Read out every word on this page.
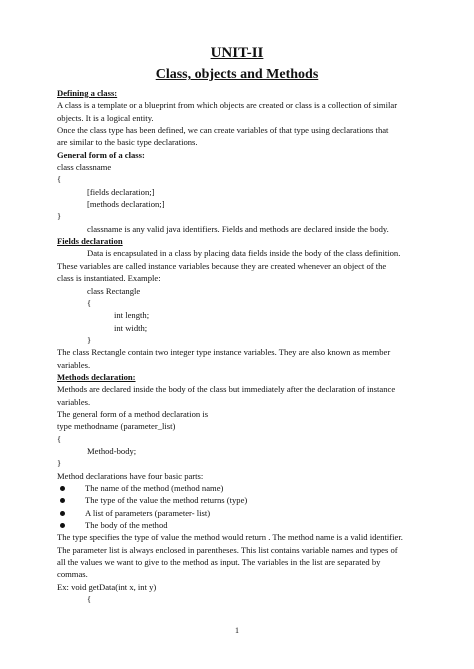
UNIT-II
Class, objects and Methods
Defining a class:
A class is a template or a blueprint from which objects are created or class is a collection of similar
objects. It is a logical entity.
Once the class type has been defined, we can create variables of that type using declarations that
are similar to the basic type declarations.
General form of a class:
class classname
{
[fields declaration;]
[methods declaration;]
}
classname is any valid java identifiers. Fields and methods are declared inside the body.
Fields declaration
Data is encapsulated in a class by placing data fields inside the body of the class definition.
These variables are called instance variables because they are created whenever an object of the
class is instantiated. Example:
class Rectangle
{
int length;
int width;
}
The class Rectangle contain two integer type instance variables. They are also known as member
variables.
Methods declaration:
Methods are declared inside the body of the class but immediately after the declaration of instance
variables.
The general form of a method declaration is
type methodname (parameter_list)
{
Method-body;
}
Method declarations have four basic parts:
The name of the method (method name)
The type of the value the method returns (type)
A list of parameters (parameter- list)
The body of the method
The type specifies the type of value the method would return . The method name is a valid identifier.
The parameter list is always enclosed in parentheses. This list contains variable names and types of
all the values we want to give to the method as input. The variables in the list are separated by
commas.
Ex: void getData(int x, int y)
{
1
